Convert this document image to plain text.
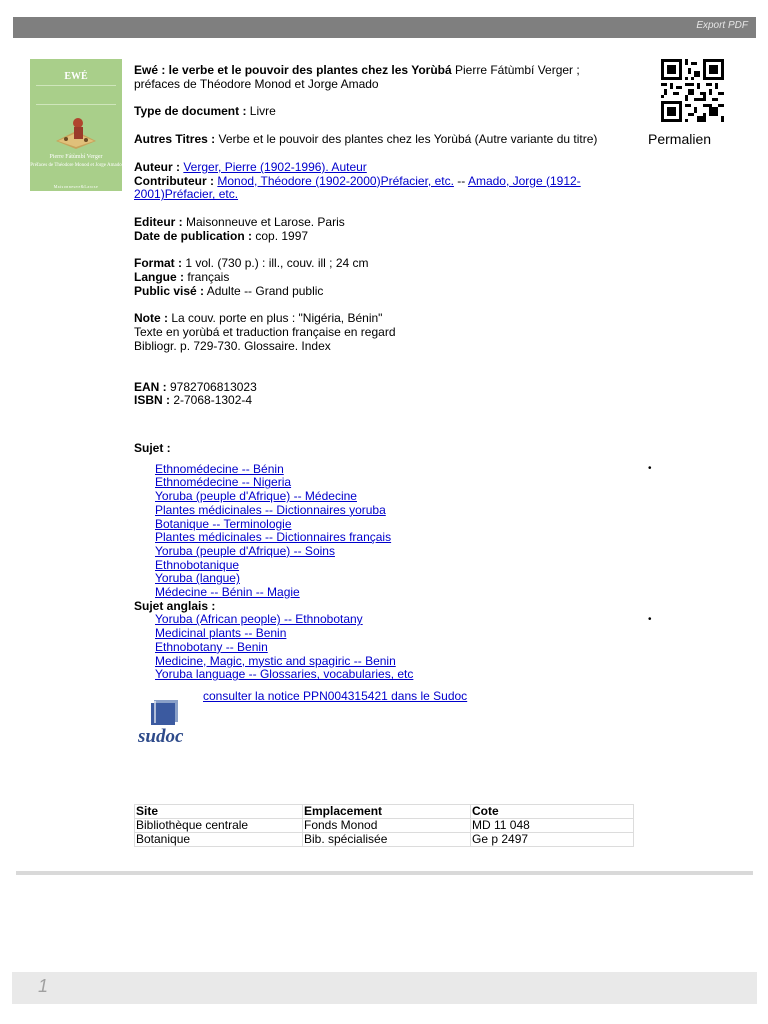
Export PDF
EWÉ
Pierre Fátùmbí Verger
Préfaces de Théodore Monod et Jorge Amado
Maisonneuve&Larose
Permalien

Ewé : le verbe et le pouvoir des plantes chez les Yorùbá Pierre Fátùmbí Verger ; préfaces de Théodore Monod et Jorge Amado

Type de document : Livre

Autres Titres : Verbe et le pouvoir des plantes chez les Yorùbá (Autre variante du titre)

Auteur : Verger, Pierre (1902-1996). Auteur

Contributeur : Monod, Théodore (1902-2000)Préfacier, etc. -- Amado, Jorge (1912-2001)Préfacier, etc.

Editeur : Maisonneuve et Larose. Paris

Date de publication : cop. 1997

Format : 1 vol. (730 p.) : ill., couv. ill ; 24 cm

Langue : français

Public visé : Adulte -- Grand public

Note : La couv. porte en plus : "Nigéria, Bénin"

Texte en yorùbá et traduction française en regard

Bibliogr. p. 729-730. Glossaire. Index

EAN : 9782706813023

ISBN : 2-7068-1302-4

Sujet :

Ethnomédecine -- Bénin
Ethnomédecine -- Nigeria
Yoruba (peuple d'Afrique) -- Médecine
Plantes médicinales -- Dictionnaires yoruba
Botanique -- Terminologie
Plantes médicinales -- Dictionnaires français
Yoruba (peuple d'Afrique) -- Soins
Ethnobotanique
Yoruba (langue)
Médecine -- Bénin -- Magie

Sujet anglais :

Yoruba (African people) -- Ethnobotany
Medicinal plants -- Benin
Ethnobotany -- Benin
Medicine, Magic, mystic and spagiric -- Benin
Yoruba language -- Glossaries, vocabularies, etc
•
•
consulter la notice PPN004315421 dans le Sudoc
sudoc
Site	Emplacement	Cote
Bibliothèque centrale	Fonds Monod	MD 11 048
Botanique	Bib. spécialisée	Ge p 2497
1
